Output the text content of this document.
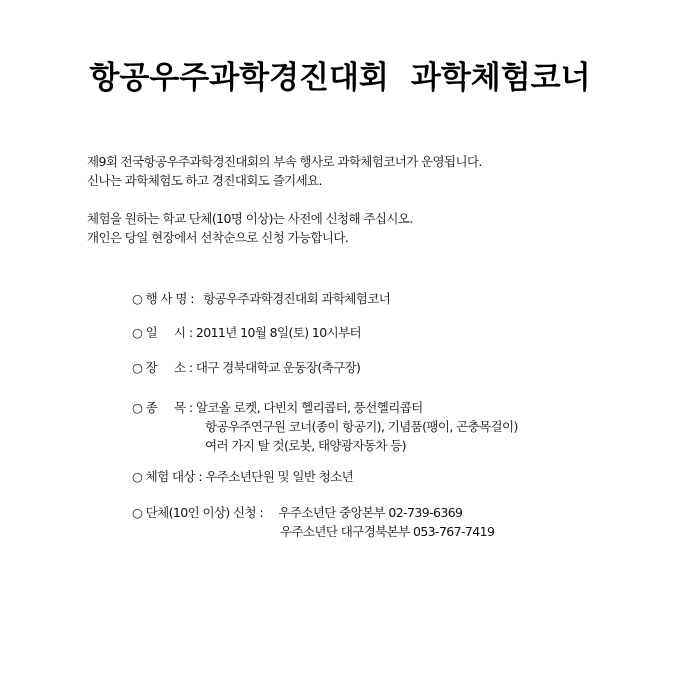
항공우주과학경진대회 과학체험코너

제9회 전국항공우주과학경진대회의 부속 행사로 과학체험코너가 운영됩니다.

신나는 과학체험도 하고 경진대회도 즐기세요.

체험을 원하는 학교 단체(10명 이상)는 사전에 신청해 주십시오.

개인은 당일 현장에서 선착순으로 신청 가능합니다.

○ 행 사 명 : 항공우주과학경진대회 과학체험코너
○ 일     시 : 2011년 10월 8일(토) 10시부터
○ 장     소 : 대구 경북대학교 운동장(축구장)
○ 종     목 : 알코올 로켓, 다빈치 헬리콥터, 풍선헬리콥터
항공우주연구원 코너(종이 항공기), 기념품(팽이, 곤충목걸이)
여러 가지 탈 것(로봇, 태양광자동차 등)
○ 체험 대상 : 우주소년단원 및 일반 청소년
○ 단체(10인 이상) 신청 : 우주소년단 중앙본부 02-739-6369
우주소년단 대구경북본부 053-767-7419
